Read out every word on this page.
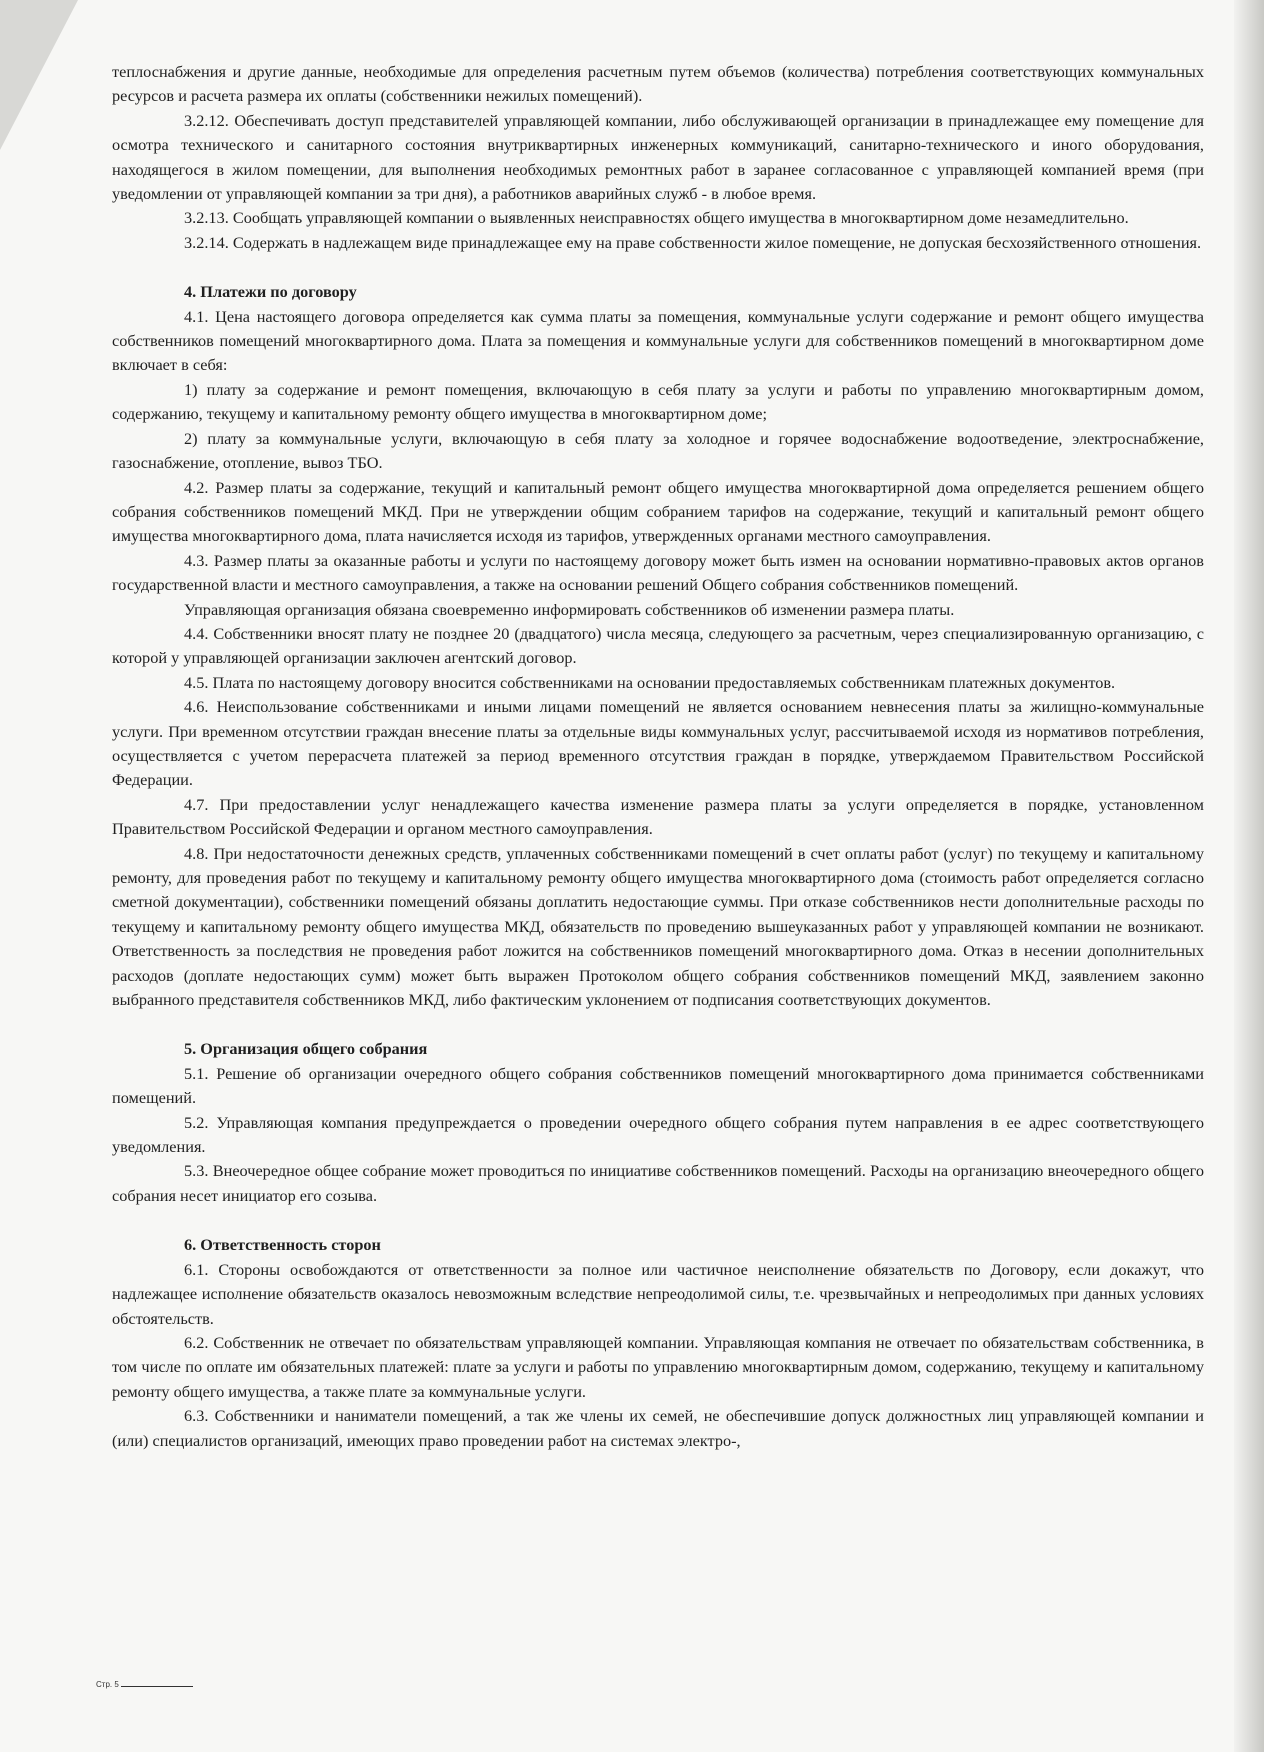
теплоснабжения и другие данные, необходимые для определения расчетным путем объемов (количества) потребления соответствующих коммунальных ресурсов и расчета размера их оплаты (собственники нежилых помещений).

3.2.12. Обеспечивать доступ представителей управляющей компании, либо обслуживающей организации в принадлежащее ему помещение для осмотра технического и санитарного состояния внутриквартирных инженерных коммуникаций, санитарно-технического и иного оборудования, находящегося в жилом помещении, для выполнения необходимых ремонтных работ в заранее согласованное с управляющей компанией время (при уведомлении от управляющей компании за три дня), а работников аварийных служб - в любое время.

3.2.13. Сообщать управляющей компании о выявленных неисправностях общего имущества в многоквартирном доме незамедлительно.

3.2.14. Содержать в надлежащем виде принадлежащее ему на праве собственности жилое помещение, не допуская бесхозяйственного отношения.

4. Платежи по договору

4.1. Цена настоящего договора определяется как сумма платы за помещения, коммунальные услуги содержание и ремонт общего имущества собственников помещений многоквартирного дома. Плата за помещения и коммунальные услуги для собственников помещений в многоквартирном доме включает в себя:

1) плату за содержание и ремонт помещения, включающую в себя плату за услуги и работы по управлению многоквартирным домом, содержанию, текущему и капитальному ремонту общего имущества в многоквартирном доме;

2) плату за коммунальные услуги, включающую в себя плату за холодное и горячее водоснабжение водоотведение, электроснабжение, газоснабжение, отопление, вывоз ТБО.

4.2. Размер платы за содержание, текущий и капитальный ремонт общего имущества многоквартирной дома определяется решением общего собрания собственников помещений МКД. При не утверждении общим собранием тарифов на содержание, текущий и капитальный ремонт общего имущества многоквартирного дома, плата начисляется исходя из тарифов, утвержденных органами местного самоуправления.

4.3. Размер платы за оказанные работы и услуги по настоящему договору может быть измен на основании нормативно-правовых актов органов государственной власти и местного самоуправления, а также на основании решений Общего собрания собственников помещений.

Управляющая организация обязана своевременно информировать собственников об изменении размера платы.

4.4. Собственники вносят плату не позднее 20 (двадцатого) числа месяца, следующего за расчетным, через специализированную организацию, с которой у управляющей организации заключен агентский договор.

4.5. Плата по настоящему договору вносится собственниками на основании предоставляемых собственникам платежных документов.

4.6. Неиспользование собственниками и иными лицами помещений не является основанием невнесения платы за жилищно-коммунальные услуги. При временном отсутствии граждан внесение платы за отдельные виды коммунальных услуг, рассчитываемой исходя из нормативов потребления, осуществляется с учетом перерасчета платежей за период временного отсутствия граждан в порядке, утверждаемом Правительством Российской Федерации.

4.7. При предоставлении услуг ненадлежащего качества изменение размера платы за услуги определяется в порядке, установленном Правительством Российской Федерации и органом местного самоуправления.

4.8. При недостаточности денежных средств, уплаченных собственниками помещений в счет оплаты работ (услуг) по текущему и капитальному ремонту, для проведения работ по текущему и капитальному ремонту общего имущества многоквартирного дома (стоимость работ определяется согласно сметной документации), собственники помещений обязаны доплатить недостающие суммы. При отказе собственников нести дополнительные расходы по текущему и капитальному ремонту общего имущества МКД, обязательств по проведению вышеуказанных работ у управляющей компании не возникают. Ответственность за последствия не проведения работ ложится на собственников помещений многоквартирного дома. Отказ в несении дополнительных расходов (доплате недостающих сумм) может быть выражен Протоколом общего собрания собственников помещений МКД, заявлением законно выбранного представителя собственников МКД, либо фактическим уклонением от подписания соответствующих документов.

5. Организация общего собрания

5.1. Решение об организации очередного общего собрания собственников помещений многоквартирного дома принимается собственниками помещений.

5.2. Управляющая компания предупреждается о проведении очередного общего собрания путем направления в ее адрес соответствующего уведомления.

5.3. Внеочередное общее собрание может проводиться по инициативе собственников помещений. Расходы на организацию внеочередного общего собрания несет инициатор его созыва.

6. Ответственность сторон

6.1. Стороны освобождаются от ответственности за полное или частичное неисполнение обязательств по Договору, если докажут, что надлежащее исполнение обязательств оказалось невозможным вследствие непреодолимой силы, т.е. чрезвычайных и непреодолимых при данных условиях обстоятельств.

6.2. Собственник не отвечает по обязательствам управляющей компании. Управляющая компания не отвечает по обязательствам собственника, в том числе по оплате им обязательных платежей: плате за услуги и работы по управлению многоквартирным домом, содержанию, текущему и капитальному ремонту общего имущества, а также плате за коммунальные услуги.

6.3. Собственники и наниматели помещений, а так же члены их семей, не обеспечившие допуск должностных лиц управляющей компании и (или) специалистов организаций, имеющих право проведении работ на системах электро-,

Стр. 5
